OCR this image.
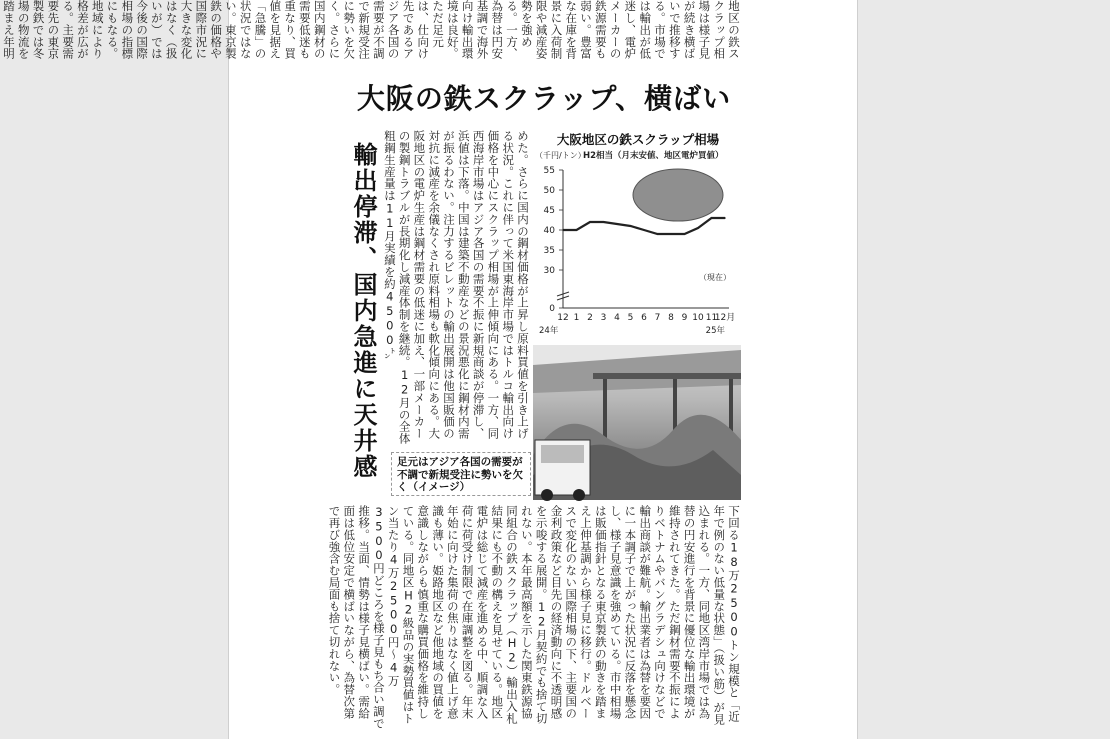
地区の鉄スクラップ相場は様子見が続き横ばいで推移する。市場では輸出が低迷し、電炉メーカーの鉄源需要も弱い。豊富な在庫を背景に入荷制限や減産姿勢を強める。一方、為替は円安基調で海外向け輸出環境は良好。ただ足元は、仕向け先であるアジア各国の需要が不調で新規受注に勢いを欠く。さらに国内鋼材の需要低迷も重なり、買値を見据え「急騰」の状況ではない。東京製鉄の価格や国際市況に大きな変化はなく（扱いが）では今後の国際相場の指標にもなる。地域により格差が広がる。主要需要先の東京製鉄では冬場の物流を踏まえ年明
大阪の鉄スクラップ、横ばい
輸出停滞、国内急進に天井感	めた。さらに国内の鋼材価格が上昇し原料買値を引き上げる状況。これに伴って米国東海岸市場ではトルコ輸出向け価格を中心にスクラップ相場が上伸傾向にある。一方、同西海岸市場はアジア各国の需要不振に新規商談が停滞し、浜値は下落。中国は建築不動産などの景況悪化に鋼材内需が振るわない。注力するビレットの輸出展開は他国販価の対抗に減産を余儀なくされ原料相場も軟化傾向にある。大阪地区の電炉生産は鋼材需要の低迷に加え、一部メーカーの製鋼トラブルが長期化し減産体制を継続。12月の全体粗鋼生産量は11月実績を約4500㌧	大阪地区の鉄スクラップ相場
（千円/トン）
H2相当（月末安値、地区電炉買値）
55
50
45
40
35
30
0
12 1 2 3 4 5 6 7 8 9 10 11
12月
24年	25年
（現在）
足元はアジア各国の需要が不調で新規受注に勢いを欠く（イメージ）
下回る18万2500トン規模と「近年で例のない低量な状態」（扱い筋）が見込まれる。一方、同地区湾岸市場では為替の円安進行を背景に優位な輸出環境が維持されてきた。ただ鋼材需要不振によりベトナムやバングラデシュ向けなどで輸出商談が難航。輸出業者は為替を要因に一本調子で上がった状況に反落を懸念し、様子見意識を強めている。市中相場は販価指針となる東京製鉄の動きを踏まえ上伸基調から様子見に移行。ドルベースで変化のない国際相場の下、主要国の金利政策など目先の経済動向に不透明感を示唆する展開。12月契約でも捨て切れない。本年最高額を示した関東鉄源協同組合の鉄スクラップ（H2）輸出入札結果にも不動の構えを見せている。地区電炉は総じて減産を進める中、順調な入荷に荷受け制限で在庫調整を図る。年末年始に向けた集荷の焦りはなく値上げ意識も薄い。姫路地区など他地域の買値を意識しながらも慎重な購買価格を維持している。同地区H2級品の実勢買値はトン当たり4万2500円～4万3500円どころを様子見もち合い調で推移。当面、情勢は様子見横ばい。需給面は低位安定で横ばいながら、為替次第で再び強含む局面も捨て切れない。
